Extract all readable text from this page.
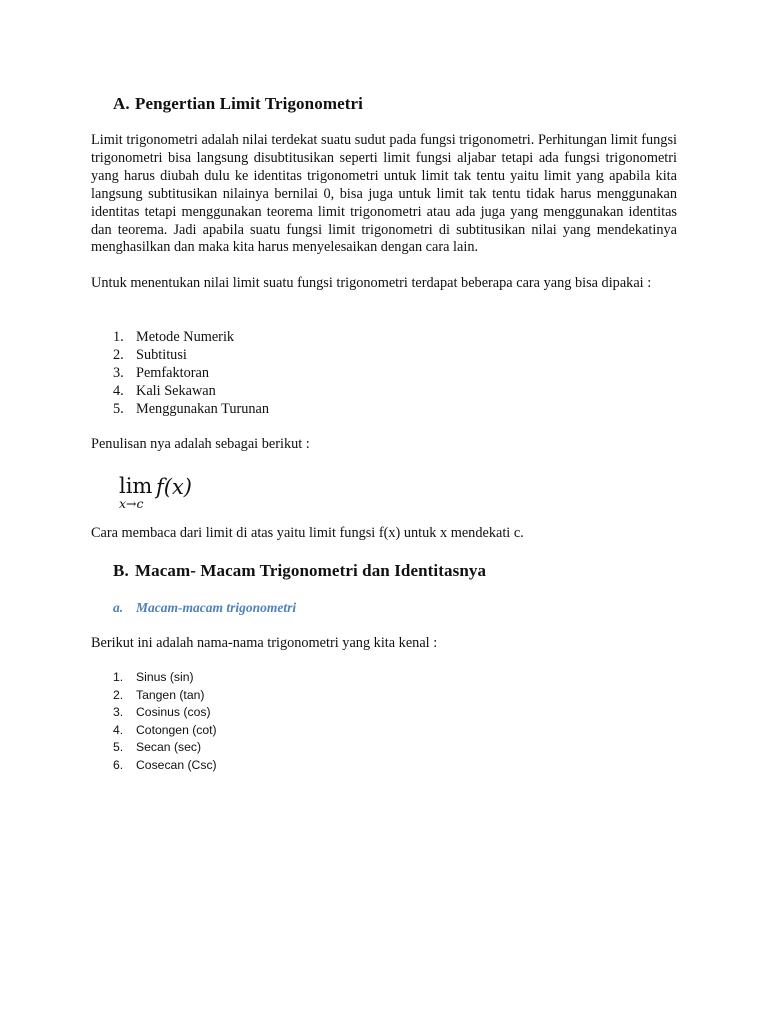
A. Pengertian Limit Trigonometri

Limit trigonometri adalah nilai terdekat suatu sudut pada fungsi trigonometri. Perhitungan limit fungsi trigonometri bisa langsung disubtitusikan seperti limit fungsi aljabar tetapi ada fungsi trigonometri yang harus diubah dulu ke identitas trigonometri untuk limit tak tentu yaitu limit yang apabila kita langsung subtitusikan nilainya bernilai 0, bisa juga untuk limit tak tentu tidak harus menggunakan identitas tetapi menggunakan teorema limit trigonometri atau ada juga yang menggunakan identitas dan teorema. Jadi apabila suatu fungsi limit trigonometri di subtitusikan nilai yang mendekatinya menghasilkan dan maka kita harus menyelesaikan dengan cara lain.

Untuk menentukan nilai limit suatu fungsi trigonometri terdapat beberapa cara yang bisa dipakai :

1. Metode Numerik
2. Subtitusi
3. Pemfaktoran
4. Kali Sekawan
5. Menggunakan Turunan

Penulisan nya adalah sebagai berikut :

lim
x→c
f(x)

Cara membaca dari limit di atas yaitu limit fungsi f(x) untuk x mendekati c.

B. Macam- Macam Trigonometri dan Identitasnya
a. Macam-macam trigonometri

Berikut ini adalah nama-nama trigonometri yang kita kenal :

1. Sinus (sin)
2. Tangen (tan)
3. Cosinus (cos)
4. Cotongen (cot)
5. Secan (sec)
6. Cosecan (Csc)
